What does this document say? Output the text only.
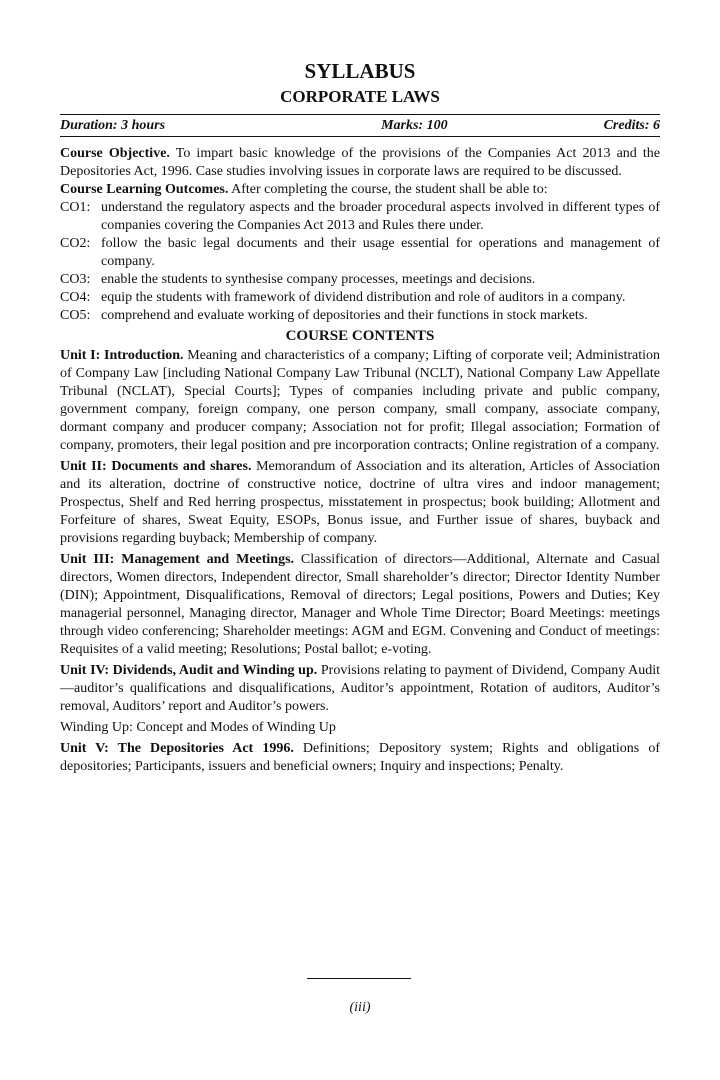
SYLLABUS
CORPORATE LAWS
Duration: 3 hours	Marks: 100	Credits: 6

Course Objective. To impart basic knowledge of the provisions of the Companies Act 2013 and the Depositories Act, 1996. Case studies involving issues in corporate laws are required to be discussed.

Course Learning Outcomes. After completing the course, the student shall be able to:

CO1: understand the regulatory aspects and the broader procedural aspects involved in different types of companies covering the Companies Act 2013 and Rules there under.
CO2: follow the basic legal documents and their usage essential for operations and management of company.
CO3: enable the students to synthesise company processes, meetings and decisions.
CO4: equip the students with framework of dividend distribution and role of auditors in a company.
CO5: comprehend and evaluate working of depositories and their functions in stock markets.
COURSE CONTENTS

Unit I: Introduction. Meaning and characteristics of a company; Lifting of corporate veil; Administration of Company Law [including National Company Law Tribunal (NCLT), National Company Law Appellate Tribunal (NCLAT), Special Courts]; Types of companies including private and public company, government company, foreign company, one person company, small company, associate company, dormant company and producer company; Association not for profit; Illegal association; Formation of company, promoters, their legal position and pre incorporation contracts; Online registration of a company.

Unit II: Documents and shares. Memorandum of Association and its alteration, Articles of Association and its alteration, doctrine of constructive notice, doctrine of ultra vires and indoor management; Prospectus, Shelf and Red herring prospectus, misstatement in prospectus; book building; Allotment and Forfeiture of shares, Sweat Equity, ESOPs, Bonus issue, and Further issue of shares, buyback and provisions regarding buyback; Membership of company.

Unit III: Management and Meetings. Classification of directors—Additional, Alternate and Casual directors, Women directors, Independent director, Small shareholder’s director; Director Identity Number (DIN); Appointment, Disqualifications, Removal of directors; Legal positions, Powers and Duties; Key managerial personnel, Managing director, Manager and Whole Time Director; Board Meetings: meetings through video conferencing; Shareholder meetings: AGM and EGM. Convening and Conduct of meetings: Requisites of a valid meeting; Resolutions; Postal ballot; e-voting.

Unit IV: Dividends, Audit and Winding up. Provisions relating to payment of Dividend, Company Audit—auditor’s qualifications and disqualifications, Auditor’s appointment, Rotation of auditors, Auditor’s removal, Auditors’ report and Auditor’s powers.

Winding Up: Concept and Modes of Winding Up

Unit V: The Depositories Act 1996. Definitions; Depository system; Rights and obligations of depositories; Participants, issuers and beneficial owners; Inquiry and inspections; Penalty.

(iii)
